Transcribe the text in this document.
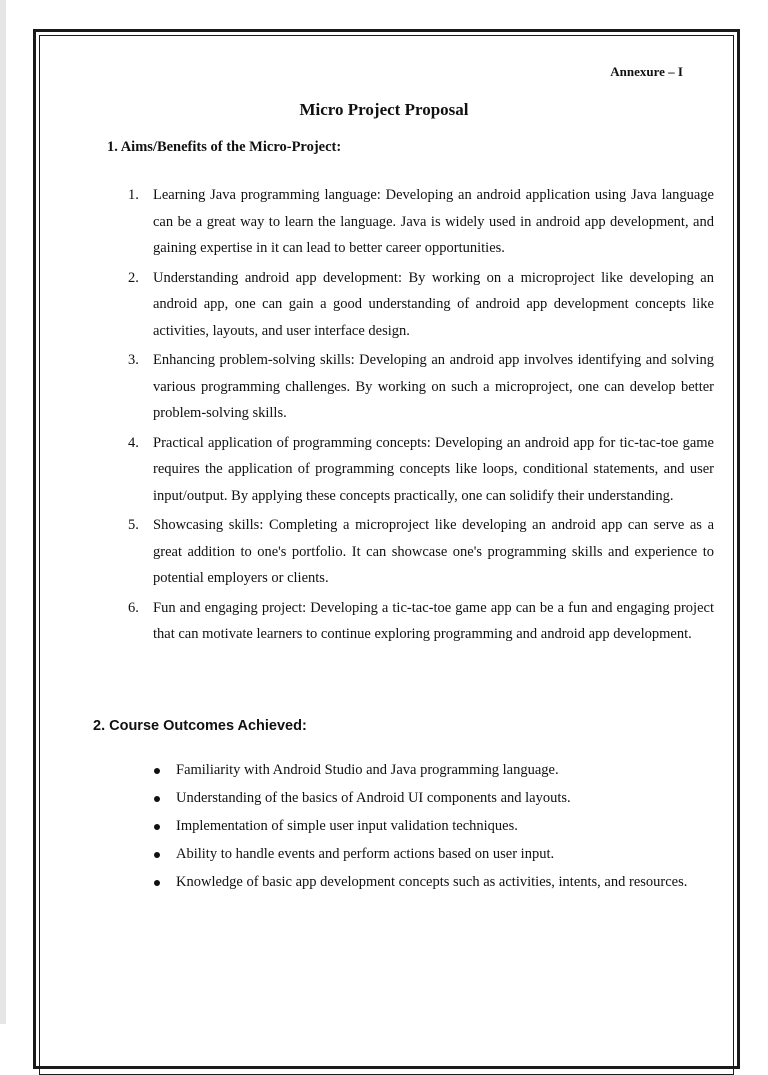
Annexure – I
Micro Project Proposal
1. Aims/Benefits of the Micro-Project:
1. Learning Java programming language: Developing an android application using Java language can be a great way to learn the language. Java is widely used in android app development, and gaining expertise in it can lead to better career opportunities.
2. Understanding android app development: By working on a microproject like developing an android app, one can gain a good understanding of android app development concepts like activities, layouts, and user interface design.
3. Enhancing problem-solving skills: Developing an android app involves identifying and solving various programming challenges. By working on such a microproject, one can develop better problem-solving skills.
4. Practical application of programming concepts: Developing an android app for tic-tac-toe game requires the application of programming concepts like loops, conditional statements, and user input/output. By applying these concepts practically, one can solidify their understanding.
5. Showcasing skills: Completing a microproject like developing an android app can serve as a great addition to one's portfolio. It can showcase one's programming skills and experience to potential employers or clients.
6. Fun and engaging project: Developing a tic-tac-toe game app can be a fun and engaging project that can motivate learners to continue exploring programming and android app development.
2. Course Outcomes Achieved:
Familiarity with Android Studio and Java programming language.
Understanding of the basics of Android UI components and layouts.
Implementation of simple user input validation techniques.
Ability to handle events and perform actions based on user input.
Knowledge of basic app development concepts such as activities, intents, and resources.
